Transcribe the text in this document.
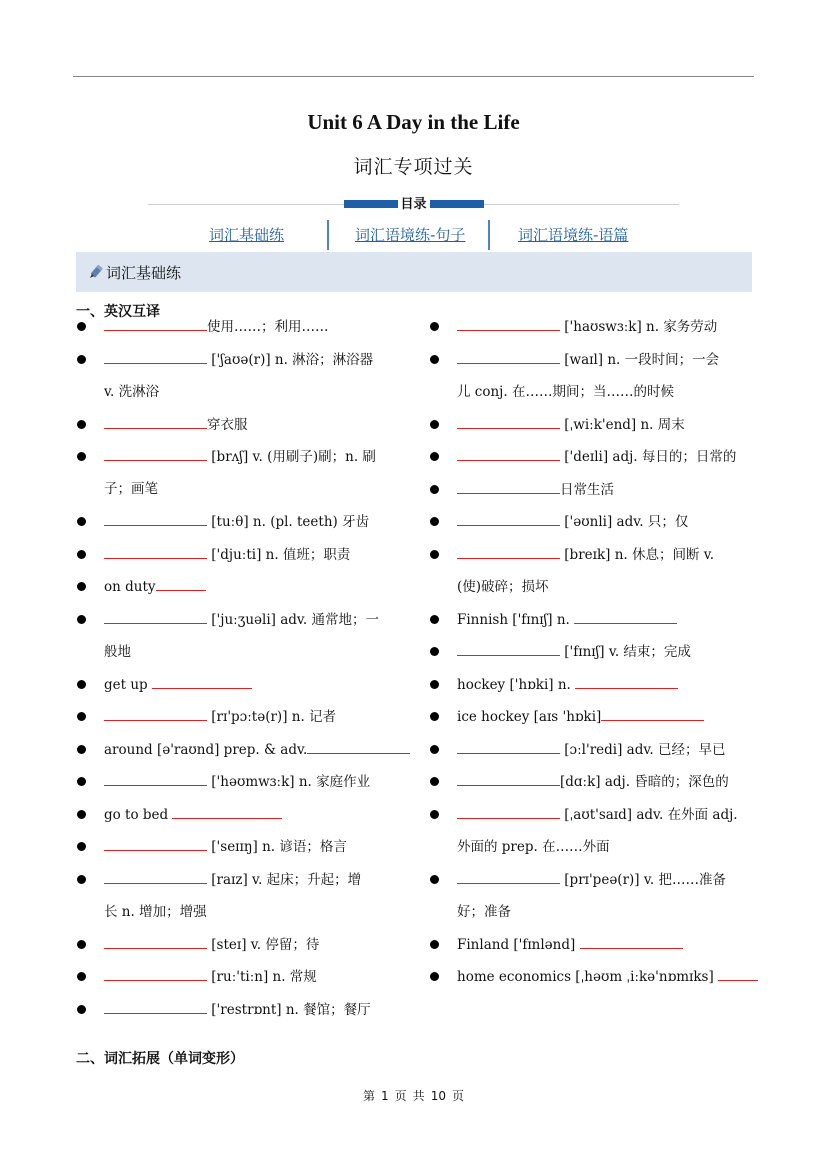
Unit 6 A Day in the Life
词汇专项过关
目录
词汇基础练	词汇语境练-句子	词汇语境练-语篇
词汇基础练
一、英汉互译
使用……；利用……
['ʃaʊə(r)] n. 淋浴；淋浴器
v. 洗淋浴
穿衣服
[brʌʃ] v. (用刷子)刷；n. 刷
子；画笔
[tuːθ] n. (pl. teeth) 牙齿
['djuːti] n. 值班；职责
on duty
['juːʒuəli] adv. 通常地；一
般地
get up
[rɪ'pɔːtə(r)] n. 记者
around [ə'raʊnd] prep. & adv.
['həʊmwɜːk] n. 家庭作业
go to bed
['seɪɪŋ] n. 谚语；格言
[raɪz] v. 起床；升起；增
长 n. 增加；增强
[steɪ] v. 停留；待
[ruː'tiːn] n. 常规
['restrɒnt] n. 餐馆；餐厅
['haʊswɜːk] n. 家务劳动
[waɪl] n. 一段时间；一会
儿 conj. 在……期间；当……的时候
[ˌwiːk'end] n. 周末
['deɪli] adj. 每日的；日常的
日常生活
['əʊnli] adv. 只；仅
[breɪk] n. 休息；间断 v.
(使)破碎；损坏
Finnish ['fɪnɪʃ] n.
['fɪnɪʃ] v. 结束；完成
hockey ['hɒki] n.
ice hockey [aɪs 'hɒki]
[ɔːl'redi] adv. 已经；早已
[dɑːk] adj. 昏暗的；深色的
[ˌaʊt'saɪd] adv. 在外面 adj.
外面的 prep. 在……外面
[prɪ'peə(r)] v. 把……准备
好；准备
Finland ['fɪnlənd]
home economics [ˌhəʊm ˌiːkə'nɒmɪks]
二、词汇拓展（单词变形）
第 1 页 共 10 页
